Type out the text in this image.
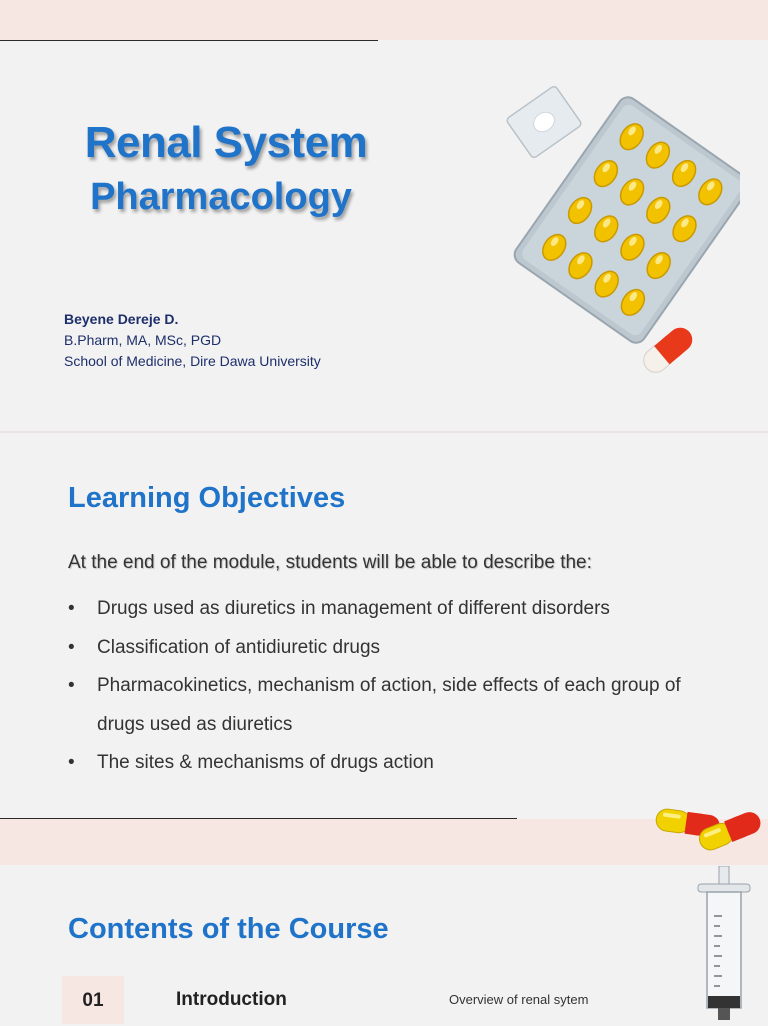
Renal System
Pharmacology
Beyene Dereje D.
B.Pharm, MA, MSc, PGD
School of Medicine, Dire Dawa University
Learning Objectives
At the end of the module, students will be able to describe the:
• Drugs used as diuretics in management of different disorders
• Classification of antidiuretic drugs
• Pharmacokinetics, mechanism of action, side effects of each group of drugs used as diuretics
• The sites & mechanisms of drugs action
Contents of the Course
01	Introduction	Overview of renal sytem
